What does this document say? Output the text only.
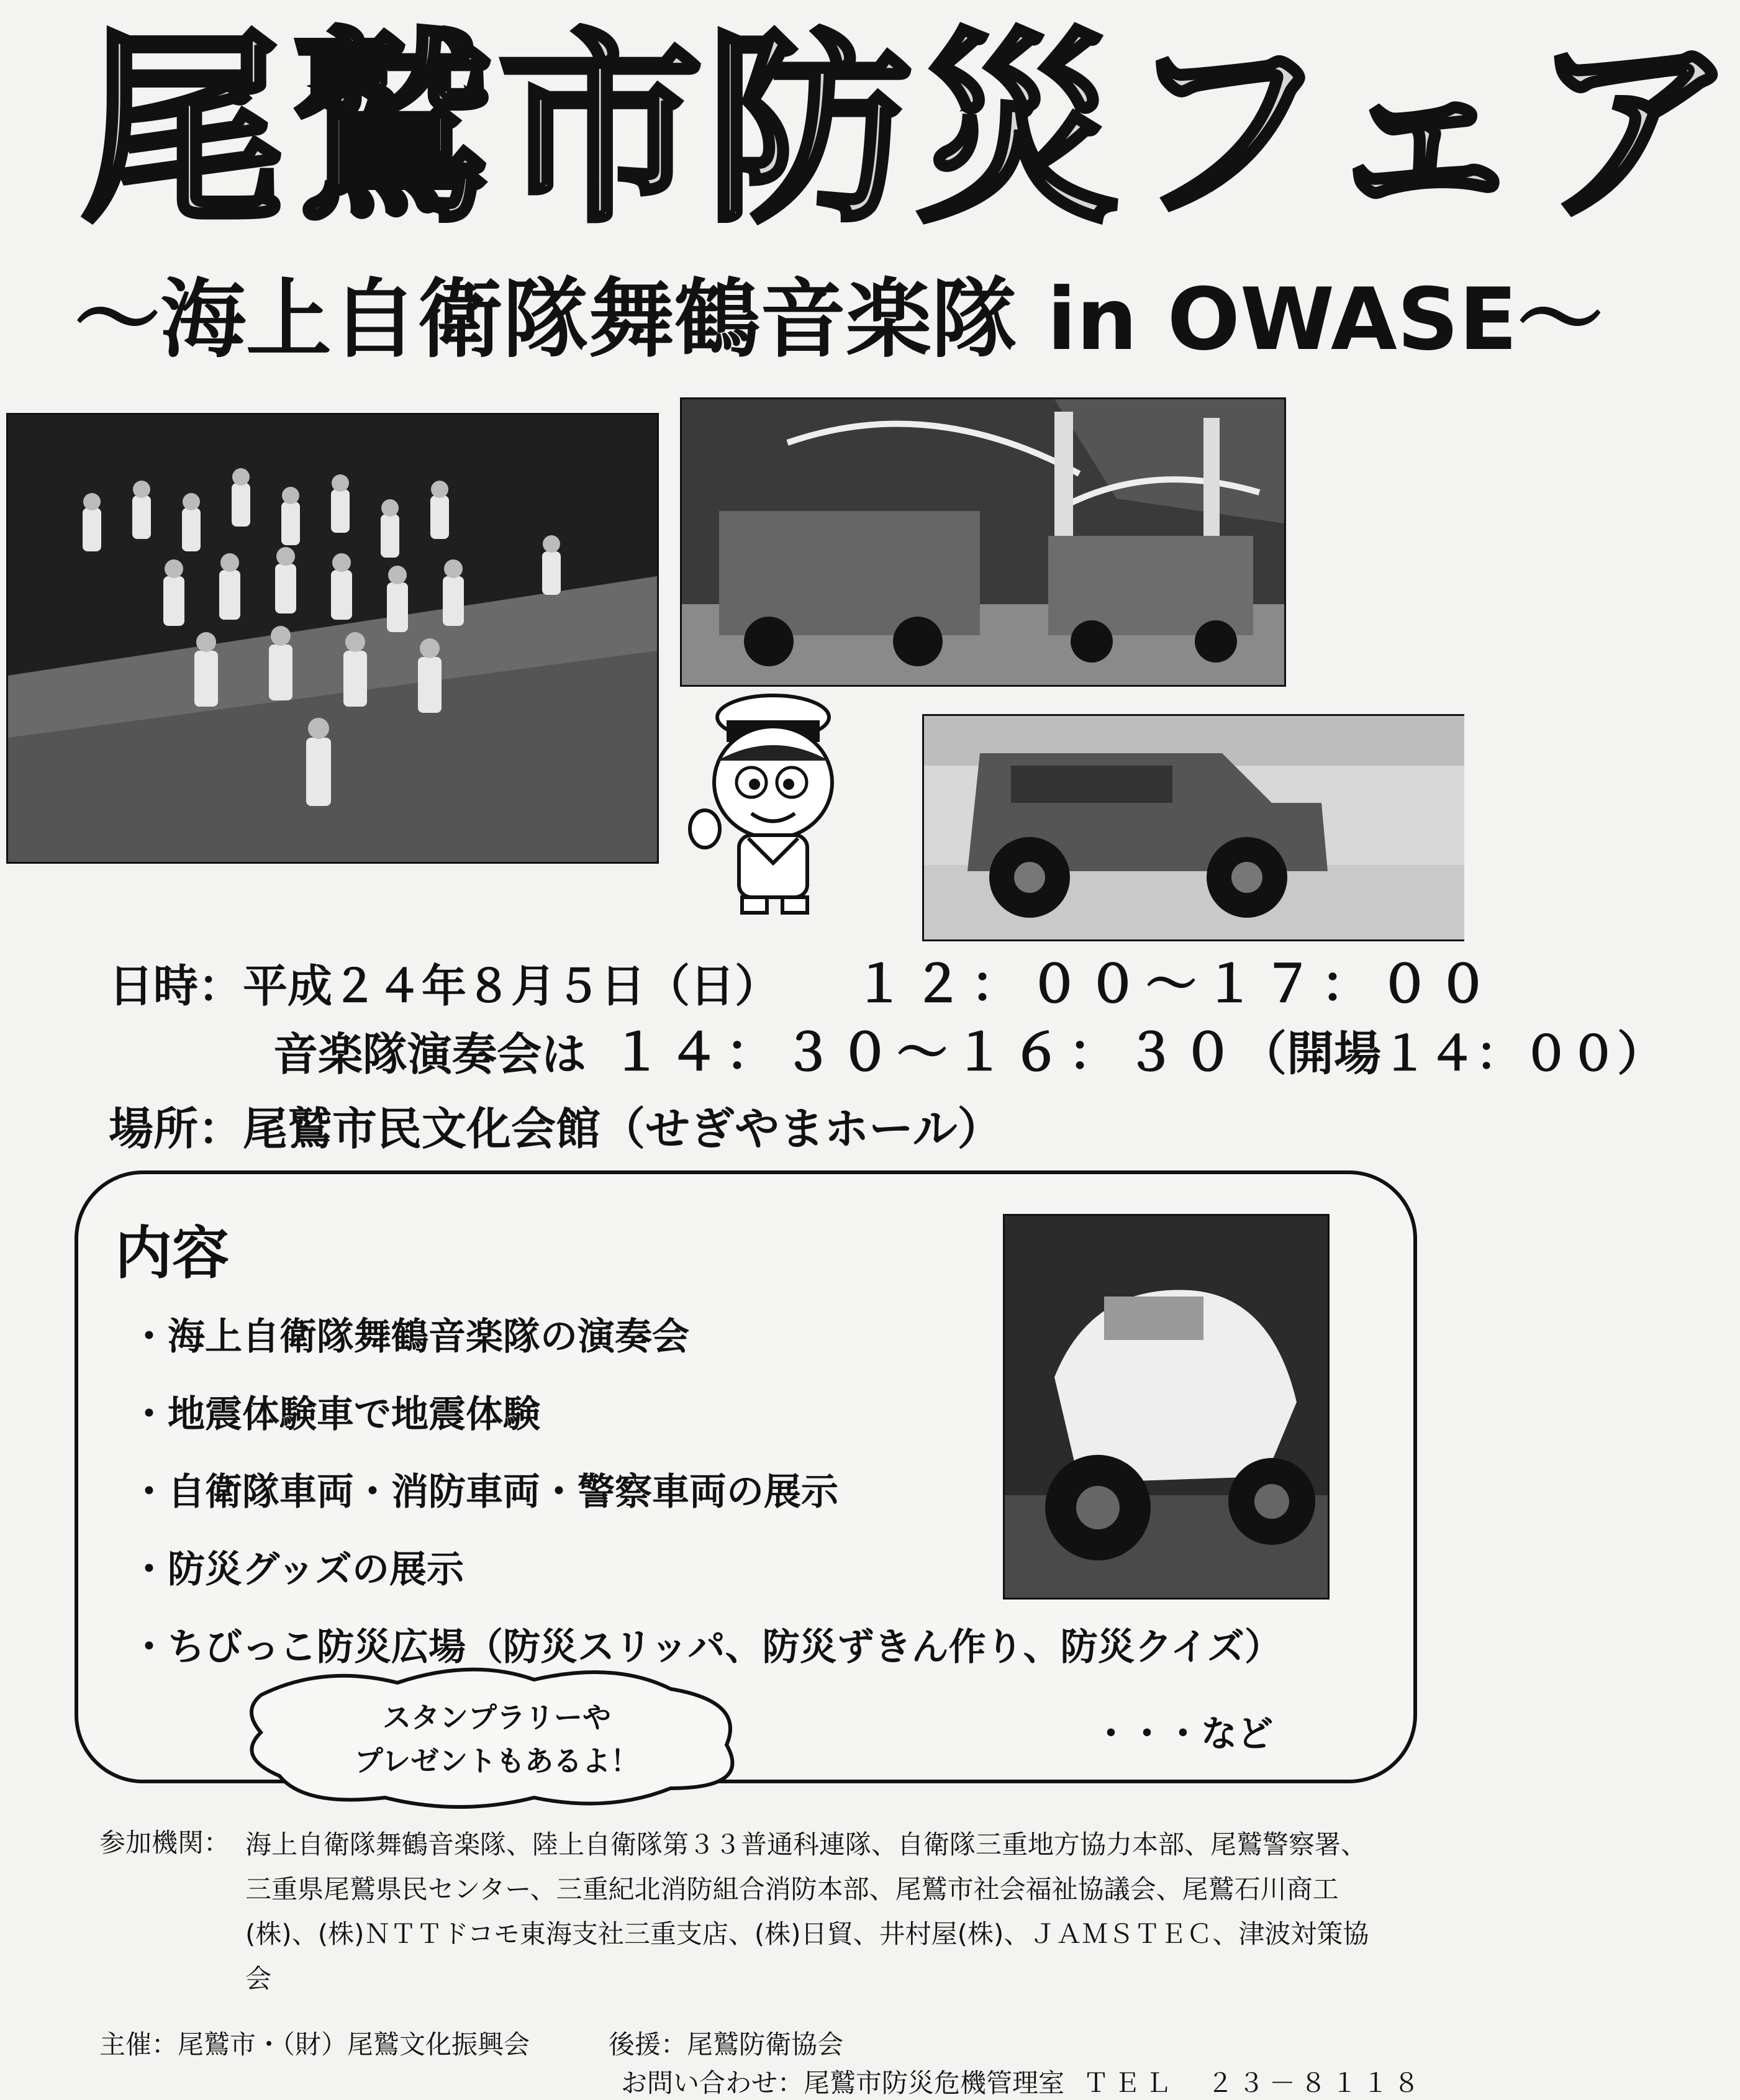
尾鷲市防災フェア
～海上自衛隊舞鶴音楽隊 in OWASE～
日時：平成２４年８月５日（日） １２：００～１７：００
音楽隊演奏会は １４：３０～１６：３０（開場１４：００）
場所：尾鷲市民文化会館（せぎやまホール）
内容
・海上自衛隊舞鶴音楽隊の演奏会
・地震体験車で地震体験
・自衛隊車両・消防車両・警察車両の展示
・防災グッズの展示
・ちびっこ防災広場（防災スリッパ、防災ずきん作り、防災クイズ）
スタンプラリーや
プレゼントもあるよ！
・・・など
参加機関： 海上自衛隊舞鶴音楽隊、陸上自衛隊第３３普通科連隊、自衛隊三重地方協力本部、尾鷲警察署、三重県尾鷲県民センター、三重紀北消防組合消防本部、尾鷲市社会福祉協議会、尾鷲石川商工(株)、(株)ＮＴＴドコモ東海支社三重支店、(株)日貿、井村屋(株)、ＪＡＭＳＴＥＣ、津波対策協会
主催：尾鷲市・（財）尾鷲文化振興会	後援：尾鷲防衛協会
お問い合わせ：尾鷲市防災危機管理室 ＴＥＬ　２３－８１１８
